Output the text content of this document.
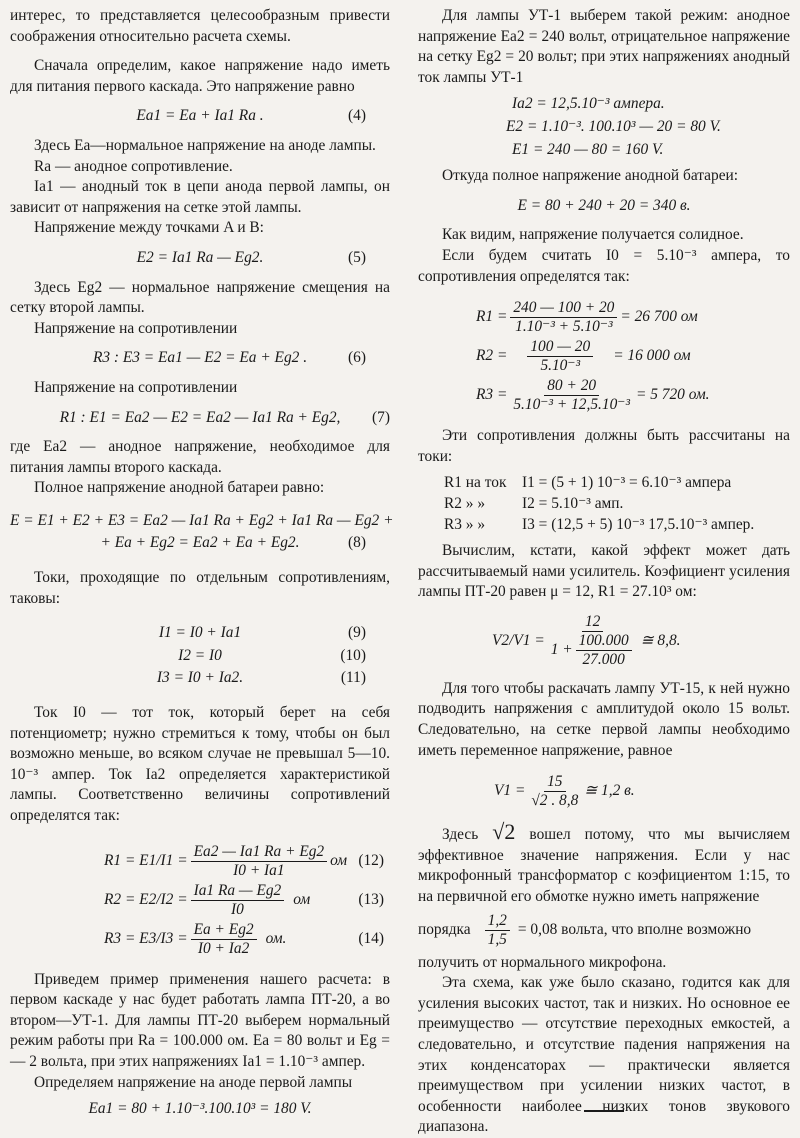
интерес, то представляется целесообразным привести соображения относительно расчета схемы.

Сначала определим, какое напряжение надо иметь для питания первого каскада. Это напряжение равно

Ea1 = Ea + Ia1 Ra .	(4)

Здесь Ea—нормальное напряжение на аноде лампы.

Ra — анодное сопротивление.

Ia1 — анодный ток в цепи анода первой лампы, он зависит от напряжения на сетке этой лампы.

Напряжение между точками A и B:

E2 = Ia1 Ra — Eg2.	(5)

Здесь Eg2 — нормальное напряжение смещения на сетку второй лампы.

Напряжение на сопротивлении

R3 : E3 = Ea1 — E2 = Ea + Eg2 .	(6)

Напряжение на сопротивлении

R1 : E1 = Ea2 — E2 = Ea2 — Ia1 Ra + Eg2, (7)

где Ea2 — анодное напряжение, необходимое для питания лампы второго каскада.

Полное напряжение анодной батареи равно:

E = E1 + E2 + E3 = Ea2 — Ia1 Ra + Eg2 + Ia1 Ra — Eg2 +
+ Ea + Eg2 = Ea2 + Ea + Eg2.	(8)

Токи, проходящие по отдельным сопротивлениям, таковы:

I1 = I0 + Ia1	(9)
I2 = I0	(10)
I3 = I0 + Ia2.	(11)

Ток I0 — тот ток, который берет на себя потенциометр; нужно стремиться к тому, чтобы он был возможно меньше, во всяком случае не превышал 5—10. 10⁻³ ампер. Ток Ia2 определяется характеристикой лампы. Соответственно величины сопротивлений определятся так:

$R1 = E1/I1 = \frac{Ea2 — Ia1 Ra + Eg2}{I0 + Ia1}$ ом (12)
$R2 = E2/I2 = \frac{Ia1 Ra — Eg2}{I0}$ ом	(13)
$R3 = E3/I3 = \frac{Ea + Eg2}{I0 + Ia2}$ ом.	(14)

Приведем пример применения нашего расчета: в первом каскаде у нас будет работать лампа ПТ-20, а во втором—УТ-1. Для лампы ПТ-20 выберем нормальный режим работы при Ra = 100.000 ом. Ea = 80 вольт и Eg = — 2 вольта, при этих напряжениях Ia1 = 1.10⁻³ ампер.

Определяем напряжение на аноде первой лампы

Ea1 = 80 + 1.10⁻³.100.10³ = 180 V.

Для лампы УТ-1 выберем такой режим: анодное напряжение Ea2 = 240 вольт, отрицательное напряжение на сетку Eg2 = 20 вольт; при этих напряжениях анодный ток лампы УТ-1

Ia2 = 12,5.10⁻³ ампера.
E2 = 1.10⁻³. 100.10³ — 20 = 80 V.
E1 = 240 — 80 = 160 V.

Откуда полное напряжение анодной батареи:

E = 80 + 240 + 20 = 340 в.

Как видим, напряжение получается солидное.

Если будем считать I0 = 5.10⁻³ ампера, то сопротивления определятся так:

$R1 = \frac{240 — 100 + 20}{\text{1.10⁻³ + 5.10⁻³}} = 26$ 700 ом
$R2 = \frac{100 — 20}{\text{5.10⁻³}} = 16$ 000 ом
$R3 = \frac{80 + 20}{\text{5.10⁻³ + 12,5.10⁻³}} = 5$ 720 ом.

Эти сопротивления должны быть рассчитаны на токи:

R1 на ток	I1 = (5 + 1) 10⁻³ = 6.10⁻³ ампера
R2 » »	I2 = 5.10⁻³ амп.
R3 » »	I3 = (12,5 + 5) 10⁻³ 17,5.10⁻³ ампер.

Вычислим, кстати, какой эффект может дать рассчитываемый нами усилитель. Коэфициент усиления лампы ПТ-20 равен μ = 12, R1 = 27.10³ ом:

$V2/V1 = \frac{12}{1 + \frac{100.000}{27.000}}$ ≅ 8,8.

Для того чтобы раскачать лампу УТ-15, к ней нужно подводить напряжения с амплитудой около 15 вольт. Следовательно, на сетке первой лампы необходимо иметь переменное напряжение, равное

$V1 = \frac{15}{√2 . 8,8}$ ≅ 1,2 в.

Здесь √2 вошел потому, что мы вычисляем эффективное значение напряжения. Если у нас микрофонный трансформатор с коэфициентом 1:15, то на первичной его обмотке нужно иметь напряжение

порядка $\frac{1,2}{1,5} = 0,08$ вольта, что вполне возможно

получить от нормального микрофона.

Эта схема, как уже было сказано, годится как для усиления высоких частот, так и низких. Но основное ее преимущество — отсутствие переходных емкостей, а следовательно, и отсутствие падения напряжения на этих конденсаторах — практически является преимуществом при усилении низких частот, в особенности наиболее низких тонов звукового диапазона.
